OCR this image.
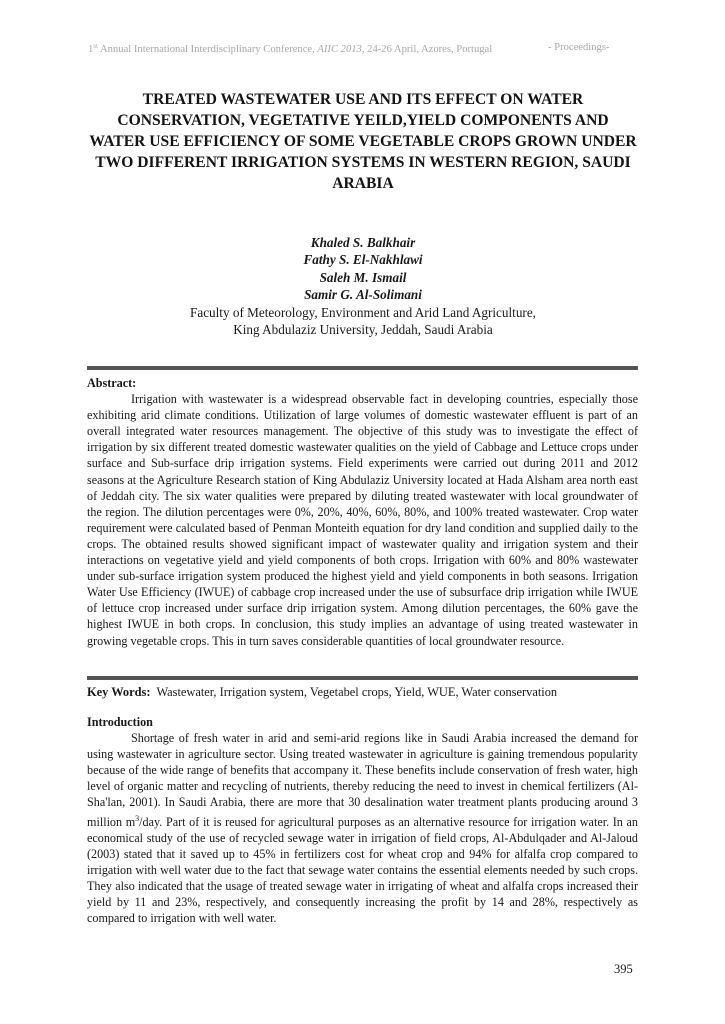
1st Annual International Interdisciplinary Conference, AIIC 2013, 24-26 April, Azores, Portugal	- Proceedings-
TREATED WASTEWATER USE AND ITS EFFECT ON WATER CONSERVATION, VEGETATIVE YEILD,YIELD COMPONENTS AND WATER USE EFFICIENCY OF SOME VEGETABLE CROPS GROWN UNDER TWO DIFFERENT IRRIGATION SYSTEMS IN WESTERN REGION, SAUDI ARABIA
Khaled S. Balkhair
Fathy S. El-Nakhlawi
Saleh M. Ismail
Samir G. Al-Solimani
Faculty of Meteorology, Environment and Arid Land Agriculture,
King Abdulaziz University, Jeddah, Saudi Arabia
Abstract:
Irrigation with wastewater is a widespread observable fact in developing countries, especially those exhibiting arid climate conditions. Utilization of large volumes of domestic wastewater effluent is part of an overall integrated water resources management. The objective of this study was to investigate the effect of irrigation by six different treated domestic wastewater qualities on the yield of Cabbage and Lettuce crops under surface and Sub-surface drip irrigation systems. Field experiments were carried out during 2011 and 2012 seasons at the Agriculture Research station of King Abdulaziz University located at Hada Alsham area north east of Jeddah city. The six water qualities were prepared by diluting treated wastewater with local groundwater of the region. The dilution percentages were 0%, 20%, 40%, 60%, 80%, and 100% treated wastewater. Crop water requirement were calculated based of Penman Monteith equation for dry land condition and supplied daily to the crops. The obtained results showed significant impact of wastewater quality and irrigation system and their interactions on vegetative yield and yield components of both crops. Irrigation with 60% and 80% wastewater under sub-surface irrigation system produced the highest yield and yield components in both seasons. Irrigation Water Use Efficiency (IWUE) of cabbage crop increased under the use of subsurface drip irrigation while IWUE of lettuce crop increased under surface drip irrigation system. Among dilution percentages, the 60% gave the highest IWUE in both crops. In conclusion, this study implies an advantage of using treated wastewater in growing vegetable crops. This in turn saves considerable quantities of local groundwater resource.
Key Words: Wastewater, Irrigation system, Vegetabel crops, Yield, WUE, Water conservation
Introduction
Shortage of fresh water in arid and semi-arid regions like in Saudi Arabia increased the demand for using wastewater in agriculture sector. Using treated wastewater in agriculture is gaining tremendous popularity because of the wide range of benefits that accompany it. These benefits include conservation of fresh water, high level of organic matter and recycling of nutrients, thereby reducing the need to invest in chemical fertilizers (Al-Sha'lan, 2001). In Saudi Arabia, there are more that 30 desalination water treatment plants producing around 3 million $m^3$/day. Part of it is reused for agricultural purposes as an alternative resource for irrigation water. In an economical study of the use of recycled sewage water in irrigation of field crops, Al-Abdulqader and Al-Jaloud (2003) stated that it saved up to 45% in fertilizers cost for wheat crop and 94% for alfalfa crop compared to irrigation with well water due to the fact that sewage water contains the essential elements needed by such crops. They also indicated that the usage of treated sewage water in irrigating of wheat and alfalfa crops increased their yield by 11 and 23%, respectively, and consequently increasing the profit by 14 and 28%, respectively as compared to irrigation with well water.
395
